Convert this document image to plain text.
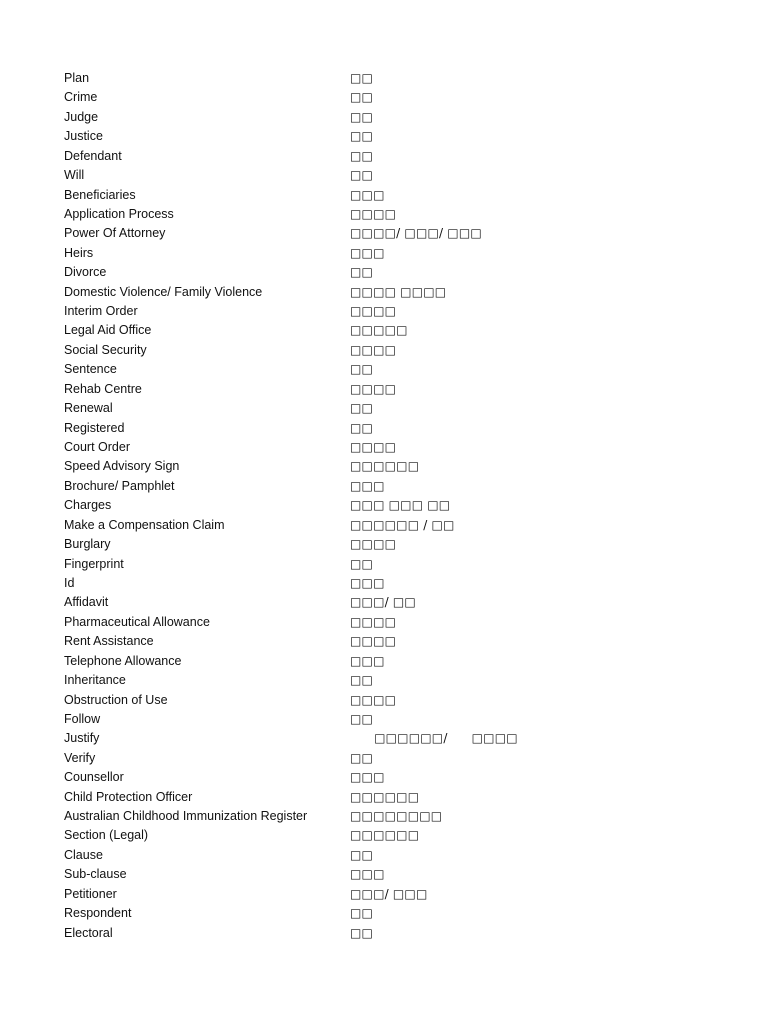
Plan	□□
Crime	□□
Judge	□□
Justice	□□
Defendant	□□
Will	□□
Beneficiaries	□□□
Application Process	□□□□
Power Of Attorney	□□□□/ □□□/ □□□
Heirs	□□□
Divorce	□□
Domestic Violence/ Family Violence	□□□□ □□□□
Interim Order	□□□□
Legal Aid Office	□□□□□
Social Security	□□□□
Sentence	□□
Rehab Centre	□□□□
Renewal	□□
Registered	□□
Court Order	□□□□
Speed Advisory Sign	□□□□□□
Brochure/ Pamphlet	□□□
Charges	□□□ □□□ □□
Make a Compensation Claim	□□□□□□ / □□
Burglary	□□□□
Fingerprint	□□
Id	□□□
Affidavit	□□□/ □□
Pharmaceutical Allowance	□□□□
Rent Assistance	□□□□
Telephone Allowance	□□□
Inheritance	□□
Obstruction of Use	□□□□
Follow	□□
Justify	□□□□□□/      □□□□
Verify	□□
Counsellor	□□□
Child Protection Officer	□□□□□□
Australian Childhood Immunization Register	□□□□□□□□
Section (Legal)	□□□□□□
Clause	□□
Sub-clause	□□□
Petitioner	□□□/ □□□
Respondent	□□
Electoral	□□
